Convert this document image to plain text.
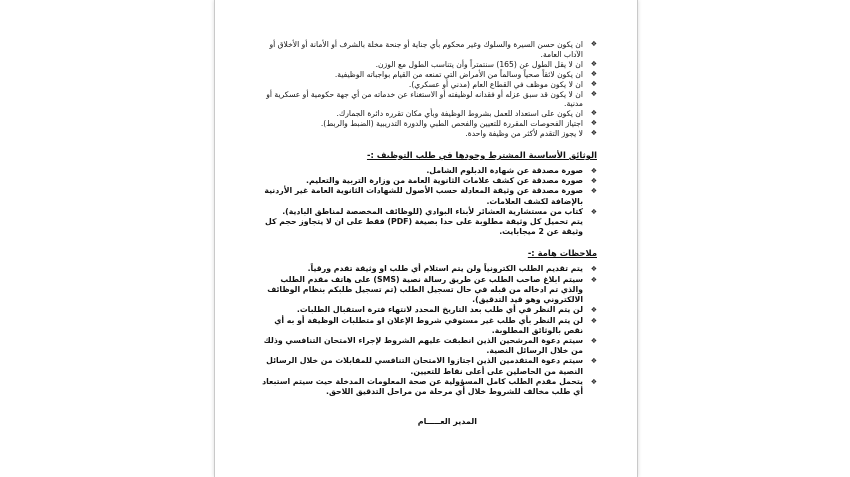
❖
ان يكون حسن السيرة والسلوك وغير محكوم بأي جناية أو جنحة مخلة بالشرف أو الأمانة أو الأخلاق أو الآداب العامة.
❖
ان لا يقل الطول عن (165) سنتمتراً وأن يتناسب الطول مع الوزن.
❖
ان يكون لائقاً صحياً وسالماً من الأمراض التي تمنعه من القيام بواجباته الوظيفية.
❖
ان لا يكون موظف في القطاع العام (مدني أو عسكري).
❖
ان لا يكون قد سبق عزله أو فقدانه لوظيفته أو الاستغناء عن خدماته من أي جهة حكومية أو عسكرية أو مدنية.
❖
ان يكون على استعداد للعمل بشروط الوظيفة وبأي مكان تقرره دائرة الجمارك.
❖
اجتياز الفحوصات المقررة للتعيين والفحص الطبي والدورة التدريبية (الضبط والربط).
❖
لا يجوز التقدم لأكثر من وظيفة واحدة.
الوثائق الأساسية المشترط وجودها في طلب التوظيف :-
❖
صورة مصدقة عن شهادة الدبلوم الشامل.
❖
صورة مصدقة عن كشف علامات الثانوية العامة من وزارة التربية والتعليم.
❖
صورة مصدقة عن وثيقة المعادلة حسب الأصول للشهادات الثانوية العامة غير الأردنية بالإضافة لكشف العلامات.
❖
كتاب من مستشارية العشائر لأبناء البوادي (للوظائف المخصصة لمناطق البادية).
يتم تحميل كل وثيقة مطلوبة على حدا بصيغة (PDF) فقط على ان لا يتجاوز حجم كل وثيقة عن 2 ميجابايت.
ملاحظات هامة :-
❖
يتم تقديم الطلب الكترونياً ولن يتم استلام أي طلب او وثيقة تقدم ورقياً.
❖
سيتم ابلاغ صاحب الطلب عن طريق رسالة نصية (SMS) على هاتف مقدم الطلب والذي تم ادخاله من قبله في حال تسجيل الطلب (تم تسجيل طلبكم بنظام الوظائف الالكتروني وهو قيد التدقيق).
❖
لن يتم النظر في أي طلب بعد التاريخ المحدد لانتهاء فترة استقبال الطلبات.
❖
لن يتم النظر بأي طلب غير مستوفي شروط الإعلان او متطلبات الوظيفة أو به أي نقص بالوثائق المطلوبة.
❖
سيتم دعوة المرشحين الذين انطبقت عليهم الشروط لإجراء الامتحان التنافسي وذلك من خلال الرسائل النصية.
❖
سيتم دعوة المتقدمين الذين اجتازوا الامتحان التنافسي للمقابلات من خلال الرسائل النصية من الحاصلين على أعلى نقاط للتعيين.
❖
يتحمل مقدم الطلب كامل المسؤولية عن صحة المعلومات المدخلة حيث سيتم استبعاد أي طلب مخالف للشروط خلال أي مرحلة من مراحل التدقيق اللاحق.
المدير العـــــام
